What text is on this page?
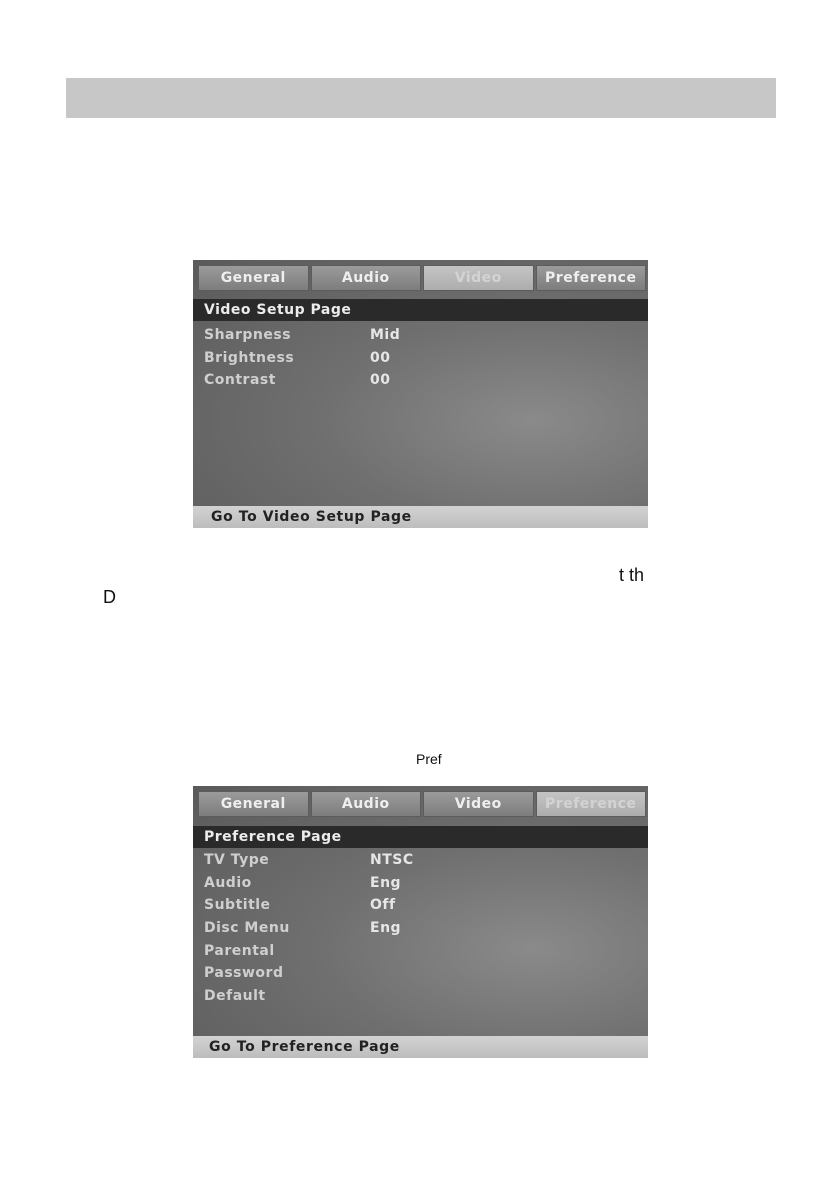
General	Audio	Video	Preference
Video Setup Page
Sharpness	Mid
Brightness	00
Contrast	00
Go To Video Setup Page
t th
D
Pref
General	Audio	Video	Preference
Preference Page
TV Type	NTSC
Audio	Eng
Subtitle	Off
Disc Menu	Eng
Parental
Password
Default
Go To Preference Page
